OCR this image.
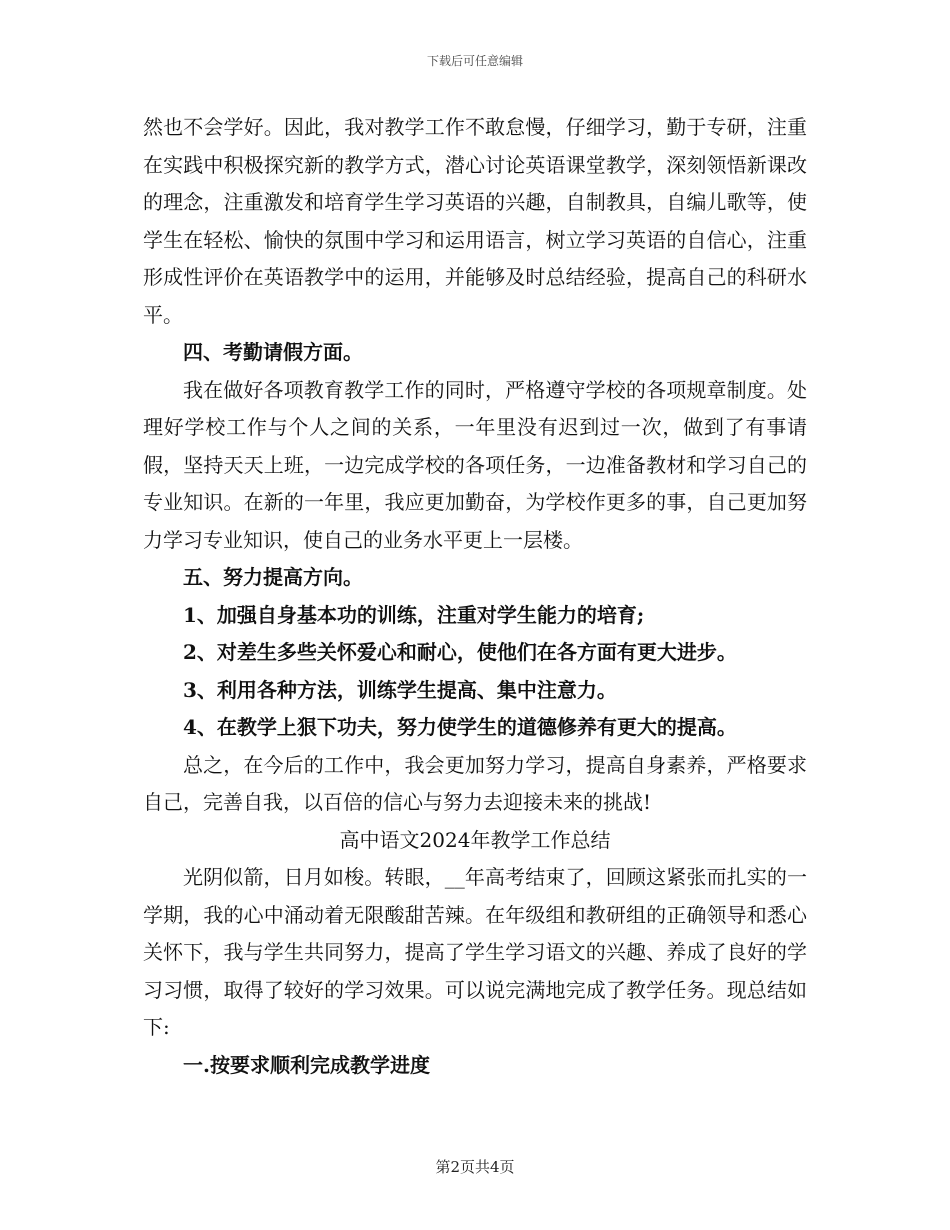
下载后可任意编辑

然也不会学好。因此，我对教学工作不敢怠慢，仔细学习，勤于专研，注重在实践中积极探究新的教学方式，潜心讨论英语课堂教学，深刻领悟新课改的理念，注重激发和培育学生学习英语的兴趣，自制教具，自编儿歌等，使学生在轻松、愉快的氛围中学习和运用语言，树立学习英语的自信心，注重形成性评价在英语教学中的运用，并能够及时总结经验，提高自己的科研水平。

四、考勤请假方面。

我在做好各项教育教学工作的同时，严格遵守学校的各项规章制度。处理好学校工作与个人之间的关系，一年里没有迟到过一次，做到了有事请假，坚持天天上班，一边完成学校的各项任务，一边准备教材和学习自己的专业知识。在新的一年里，我应更加勤奋，为学校作更多的事，自己更加努力学习专业知识，使自己的业务水平更上一层楼。

五、努力提高方向。

1、加强自身基本功的训练，注重对学生能力的培育;

2、对差生多些关怀爱心和耐心，使他们在各方面有更大进步。

3、利用各种方法，训练学生提高、集中注意力。

4、在教学上狠下功夫，努力使学生的道德修养有更大的提高。

总之，在今后的工作中，我会更加努力学习，提高自身素养，严格要求自己，完善自我，以百倍的信心与努力去迎接未来的挑战!

高中语文2024年教学工作总结

光阴似箭，日月如梭。转眼，__年高考结束了，回顾这紧张而扎实的一学期，我的心中涌动着无限酸甜苦辣。在年级组和教研组的正确领导和悉心关怀下，我与学生共同努力，提高了学生学习语文的兴趣、养成了良好的学习习惯，取得了较好的学习效果。可以说完满地完成了教学任务。现总结如下:

一.按要求顺利完成教学进度

第2页共4页
